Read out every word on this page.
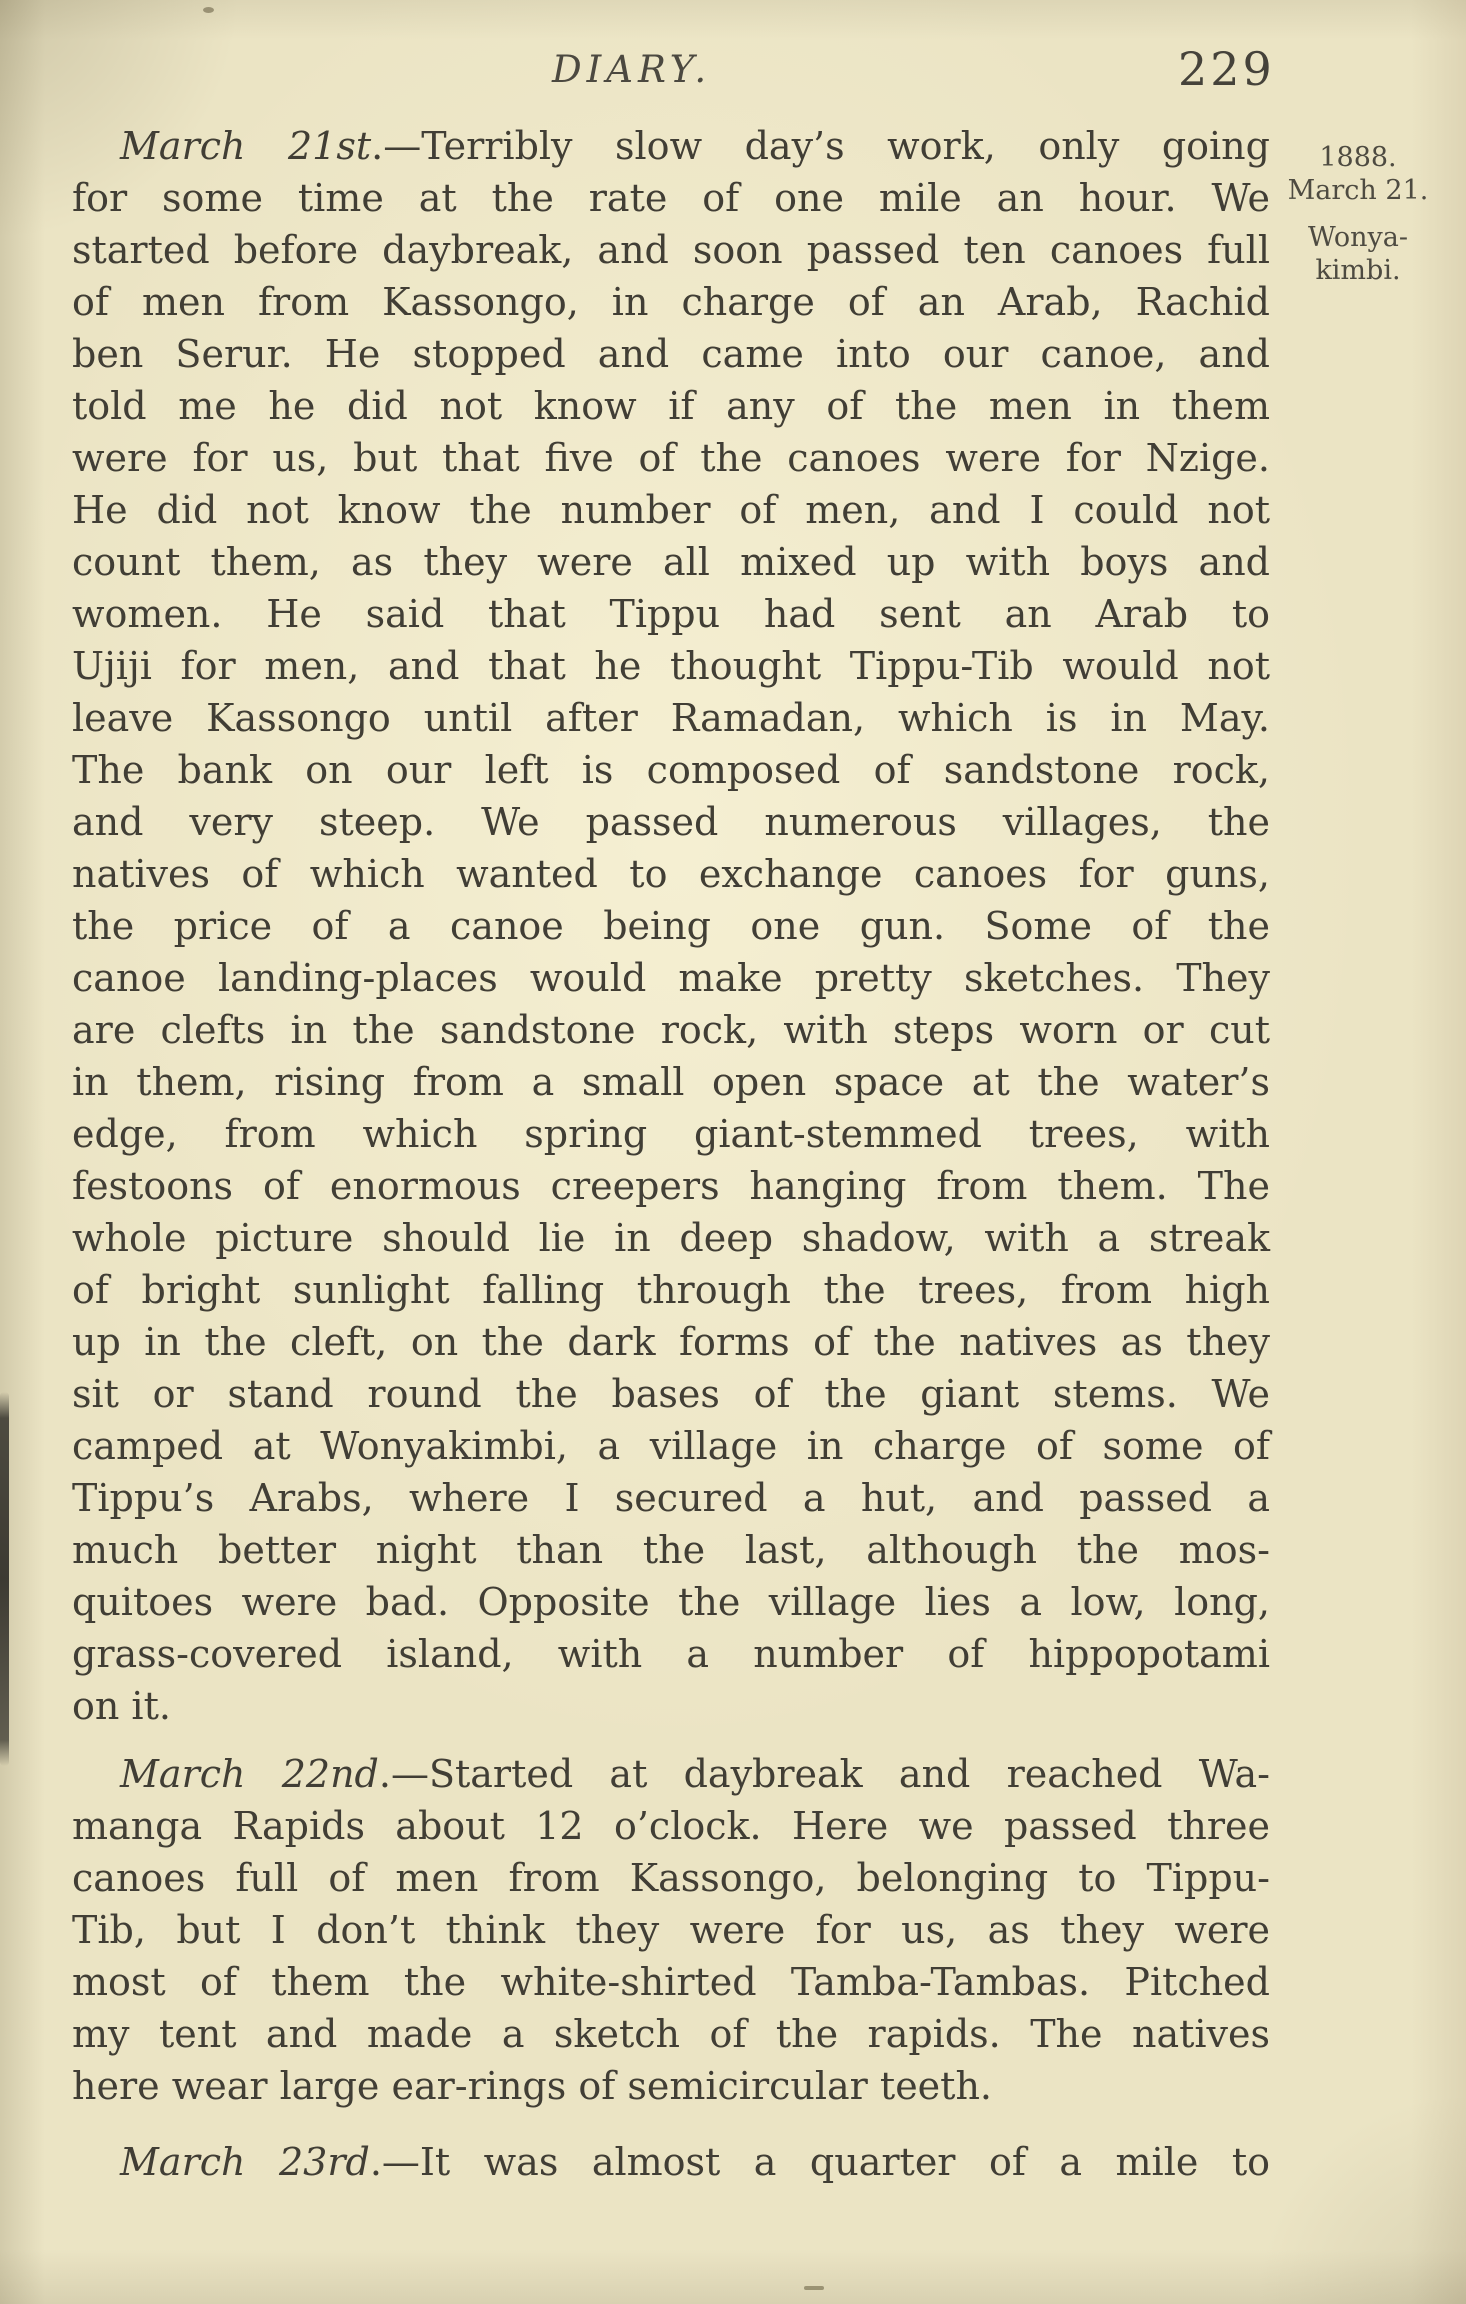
DIARY.	229
1888.
March 21.
Wonya-
kimbi.
March 21st.—Terribly slow day’s work, only going
for some time at the rate of one mile an hour. We
started before daybreak, and soon passed ten canoes full
of men from Kassongo, in charge of an Arab, Rachid
ben Serur. He stopped and came into our canoe, and
told me he did not know if any of the men in them
were for us, but that five of the canoes were for Nzige.
He did not know the number of men, and I could not
count them, as they were all mixed up with boys and
women. He said that Tippu had sent an Arab to
Ujiji for men, and that he thought Tippu-Tib would not
leave Kassongo until after Ramadan, which is in May.
The bank on our left is composed of sandstone rock,
and very steep. We passed numerous villages, the
natives of which wanted to exchange canoes for guns,
the price of a canoe being one gun. Some of the
canoe landing-places would make pretty sketches. They
are clefts in the sandstone rock, with steps worn or cut
in them, rising from a small open space at the water’s
edge, from which spring giant-stemmed trees, with
festoons of enormous creepers hanging from them. The
whole picture should lie in deep shadow, with a streak
of bright sunlight falling through the trees, from high
up in the cleft, on the dark forms of the natives as they
sit or stand round the bases of the giant stems. We
camped at Wonyakimbi, a village in charge of some of
Tippu’s Arabs, where I secured a hut, and passed a
much better night than the last, although the mos-
quitoes were bad. Opposite the village lies a low, long,
grass-covered island, with a number of hippopotami
on it.
March 22nd.—Started at daybreak and reached Wa-
manga Rapids about 12 o’clock. Here we passed three
canoes full of men from Kassongo, belonging to Tippu-
Tib, but I don’t think they were for us, as they were
most of them the white-shirted Tamba-Tambas. Pitched
my tent and made a sketch of the rapids. The natives
here wear large ear-rings of semicircular teeth.
March 23rd.—It was almost a quarter of a mile to
